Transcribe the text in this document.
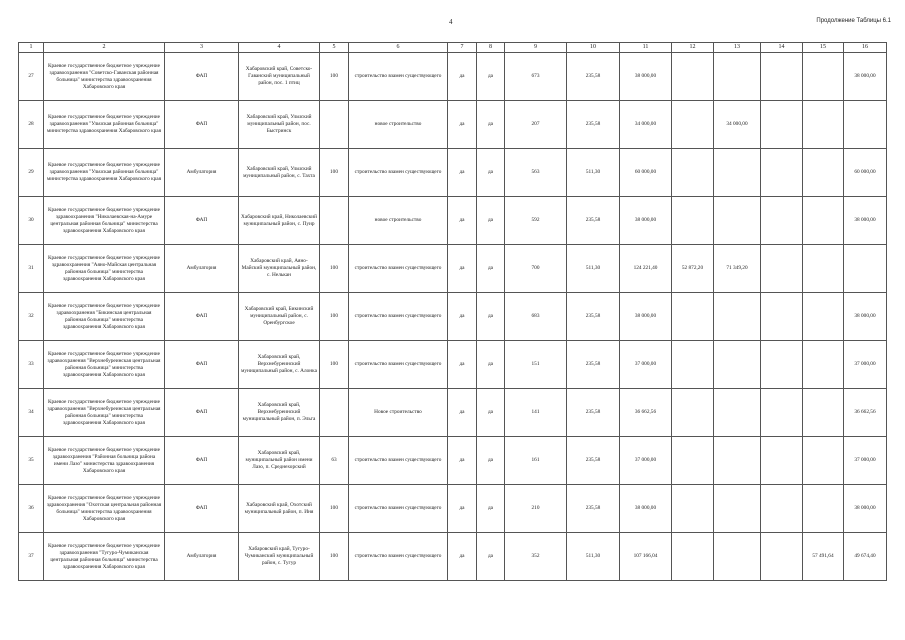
4	Продолжение Таблицы 6.1
1	2	3	4	5	6	7	8	9	10	11	12	13	14	15	16
27	Краевое государственное бюджетное учреждение здравоохранения "Советско-Гаванская районная больница" министерства здравоохранения Хабаровского края	ФАП	Хабаровский край, Советско-Гаванский муниципальный район, пос. 1 птиц	100	строительство взамен существующего	да	да	673	235,58	38 000,00					38 000,00
28	Краевое государственное бюджетное учреждение здравоохранения "Ульчская районная больница" министерства здравоохранения Хабаровского края	ФАП	Хабаровский край, Ульчский муниципальный район, пос. Быстринск		новое строительство	да	да	207	235,58	34 000,00		34 000,00			
29	Краевое государственное бюджетное учреждение здравоохранения "Ульчская районная больница" министерства здравоохранения Хабаровского края	Амбулатория	Хабаровский край, Ульчский муниципальный район, с. Тахта	100	строительство взамен существующего	да	да	563	511,30	60 000,00					60 000,00
30	Краевое государственное бюджетное учреждение здравоохранения "Николаевская-на-Амуре центральная районная больница" министерства здравоохранения Хабаровского края	ФАП	Хабаровский край, Николаевский муниципальный район, с. Пуир		новое строительство	да	да	592	235,58	38 000,00					38 000,00
31	Краевое государственное бюджетное учреждение здравоохранения "Аяно-Майская центральная районная больница" министерства здравоохранения Хабаровского края	Амбулатория	Хабаровский край, Аяно-Майский муниципальный район, с. Нелькан	100	строительство взамен существующего	да	да	700	511,30	124 221,40	52 872,20	71 349,20			
32	Краевое государственное бюджетное учреждение здравоохранения "Бикинская центральная районная больница" министерства здравоохранения Хабаровского края	ФАП	Хабаровский край, Бикинский муниципальный район, с. Оренбургское	100	строительство взамен существующего	да	да	683	235,58	38 000,00					38 000,00
33	Краевое государственное бюджетное учреждение здравоохранения "Верхнебуреинская центральная районная больница" министерства здравоохранения Хабаровского края	ФАП	Хабаровский край, Верхнебуреинский муниципальный район, с. Алонка	100	строительство взамен существующего	да	да	151	235,58	37 000,00					37 000,00
34	Краевое государственное бюджетное учреждение здравоохранения "Верхнебуреинская центральная районная больница" министерства здравоохранения Хабаровского края	ФАП	Хабаровский край, Верхнебуреинский муниципальный район, п. Эльга		Новое строительство	да	да	141	235,58	36 662,56					36 662,56
35	Краевое государственное бюджетное учреждение здравоохранения "Районная больница района имени Лазо" министерства здравоохранения Хабаровского края	ФАП	Хабаровский край, муниципальный район имени Лазо, п. Среднехорский	63	строительство взамен существующего	да	да	161	235,58	37 000,00					37 000,00
36	Краевое государственное бюджетное учреждение здравоохранения "Охотская центральная районная больница" министерства здравоохранения Хабаровского края	ФАП	Хабаровский край, Охотский муниципальный район, п. Иня	100	строительство взамен существующего	да	да	210	235,58	38 000,00					38 000,00
37	Краевое государственное бюджетное учреждение здравоохранения "Тугуро-Чумиканская центральная районная больница" министерства здравоохранения Хабаровского края	Амбулатория	Хабаровский край, Тугуро-Чумиканский муниципальный район, с. Тугур	100	строительство взамен существующего	да	да	352	511,30	107 166,04				57 491,64	49 674,40
